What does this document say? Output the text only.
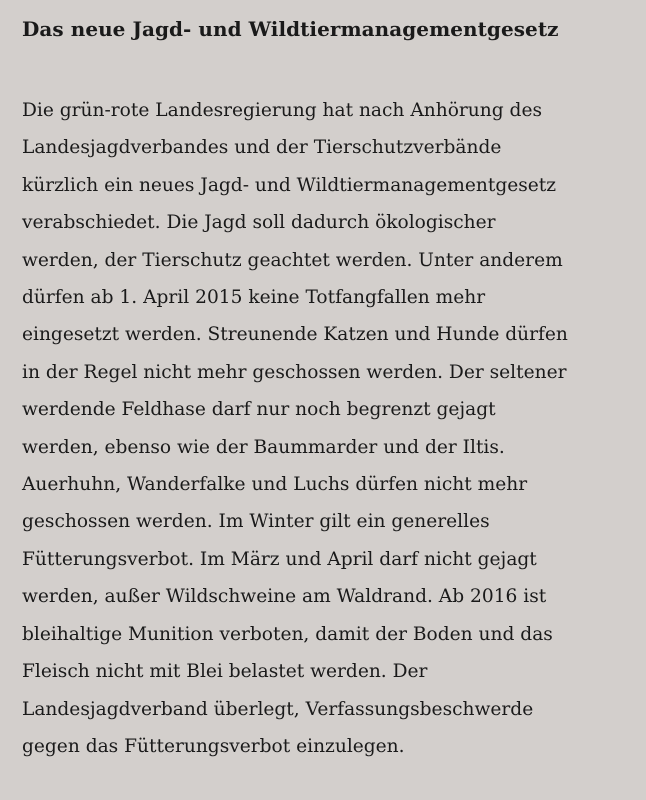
Das neue Jagd- und Wildtiermanagementgesetz

Die grün-rote Landesregierung hat nach Anhörung des
Landesjagdverbandes und der Tierschutzverbände
kürzlich ein neues Jagd- und Wildtiermanagementgesetz
verabschiedet. Die Jagd soll dadurch ökologischer
werden, der Tierschutz geachtet werden. Unter anderem
dürfen ab 1. April 2015 keine Totfangfallen mehr
eingesetzt werden. Streunende Katzen und Hunde dürfen
in der Regel nicht mehr geschossen werden. Der seltener
werdende Feldhase darf nur noch begrenzt gejagt
werden, ebenso wie der Baummarder und der Iltis.
Auerhuhn, Wanderfalke und Luchs dürfen nicht mehr
geschossen werden. Im Winter gilt ein generelles
Fütterungsverbot. Im März und April darf nicht gejagt
werden, außer Wildschweine am Waldrand. Ab 2016 ist
bleihaltige Munition verboten, damit der Boden und das
Fleisch nicht mit Blei belastet werden. Der
Landesjagdverband überlegt, Verfassungsbeschwerde
gegen das Fütterungsverbot einzulegen.
